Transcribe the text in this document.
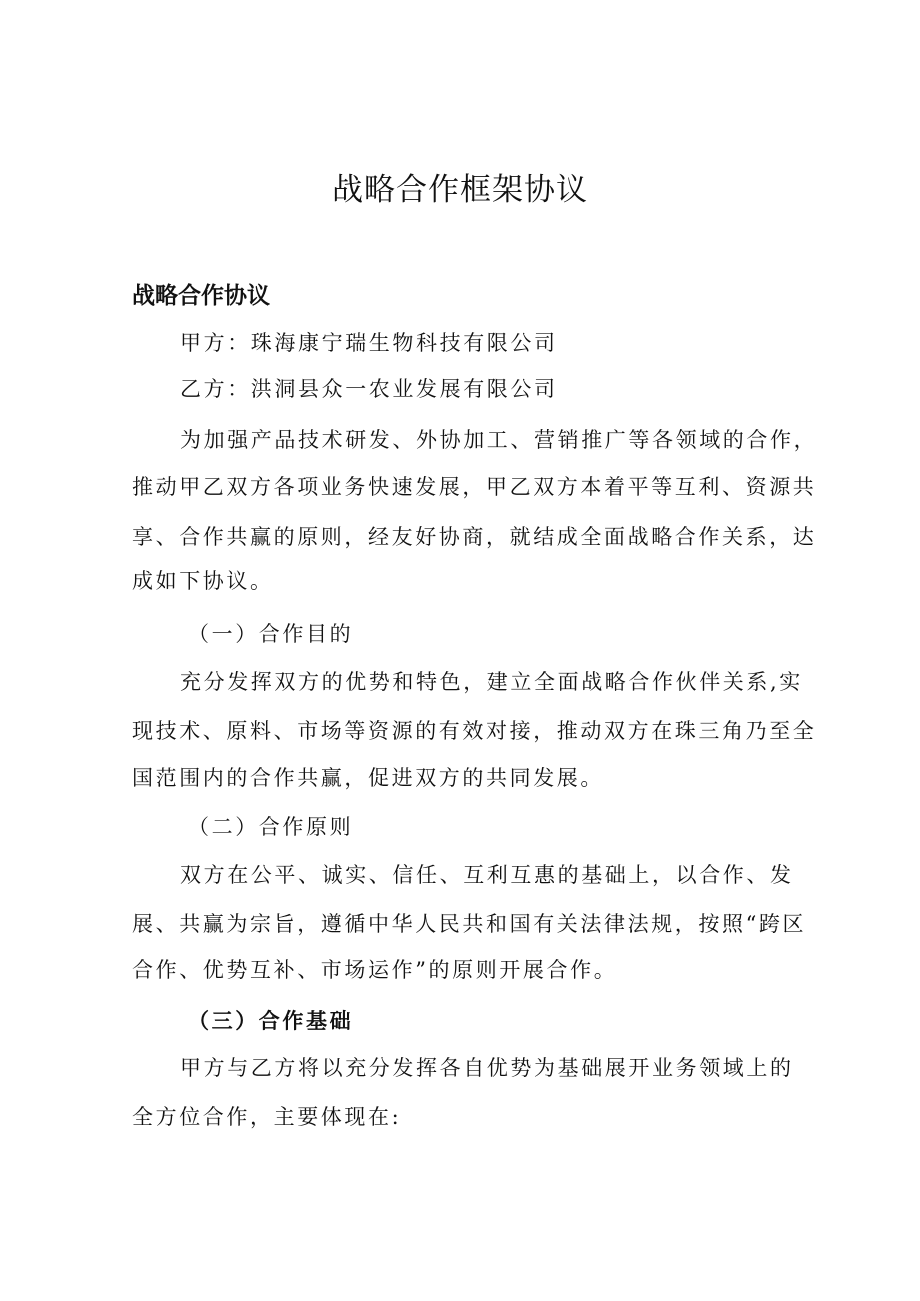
战略合作框架协议
战略合作协议

甲方：珠海康宁瑞生物科技有限公司

乙方：洪洞县众一农业发展有限公司

为加强产品技术研发、外协加工、营销推广等各领域的合作，

推动甲乙双方各项业务快速发展，甲乙双方本着平等互利、资源共

享、合作共赢的原则，经友好协商，就结成全面战略合作关系，达

成如下协议。

（一）合作目的

充分发挥双方的优势和特色，建立全面战略合作伙伴关系,实

现技术、原料、市场等资源的有效对接，推动双方在珠三角乃至全

国范围内的合作共赢，促进双方的共同发展。

（二）合作原则

双方在公平、诚实、信任、互利互惠的基础上，以合作、发

展、共赢为宗旨，遵循中华人民共和国有关法律法规，按照“跨区

合作、优势互补、市场运作”的原则开展合作。

（三）合作基础

甲方与乙方将以充分发挥各自优势为基础展开业务领域上的

全方位合作，主要体现在:
